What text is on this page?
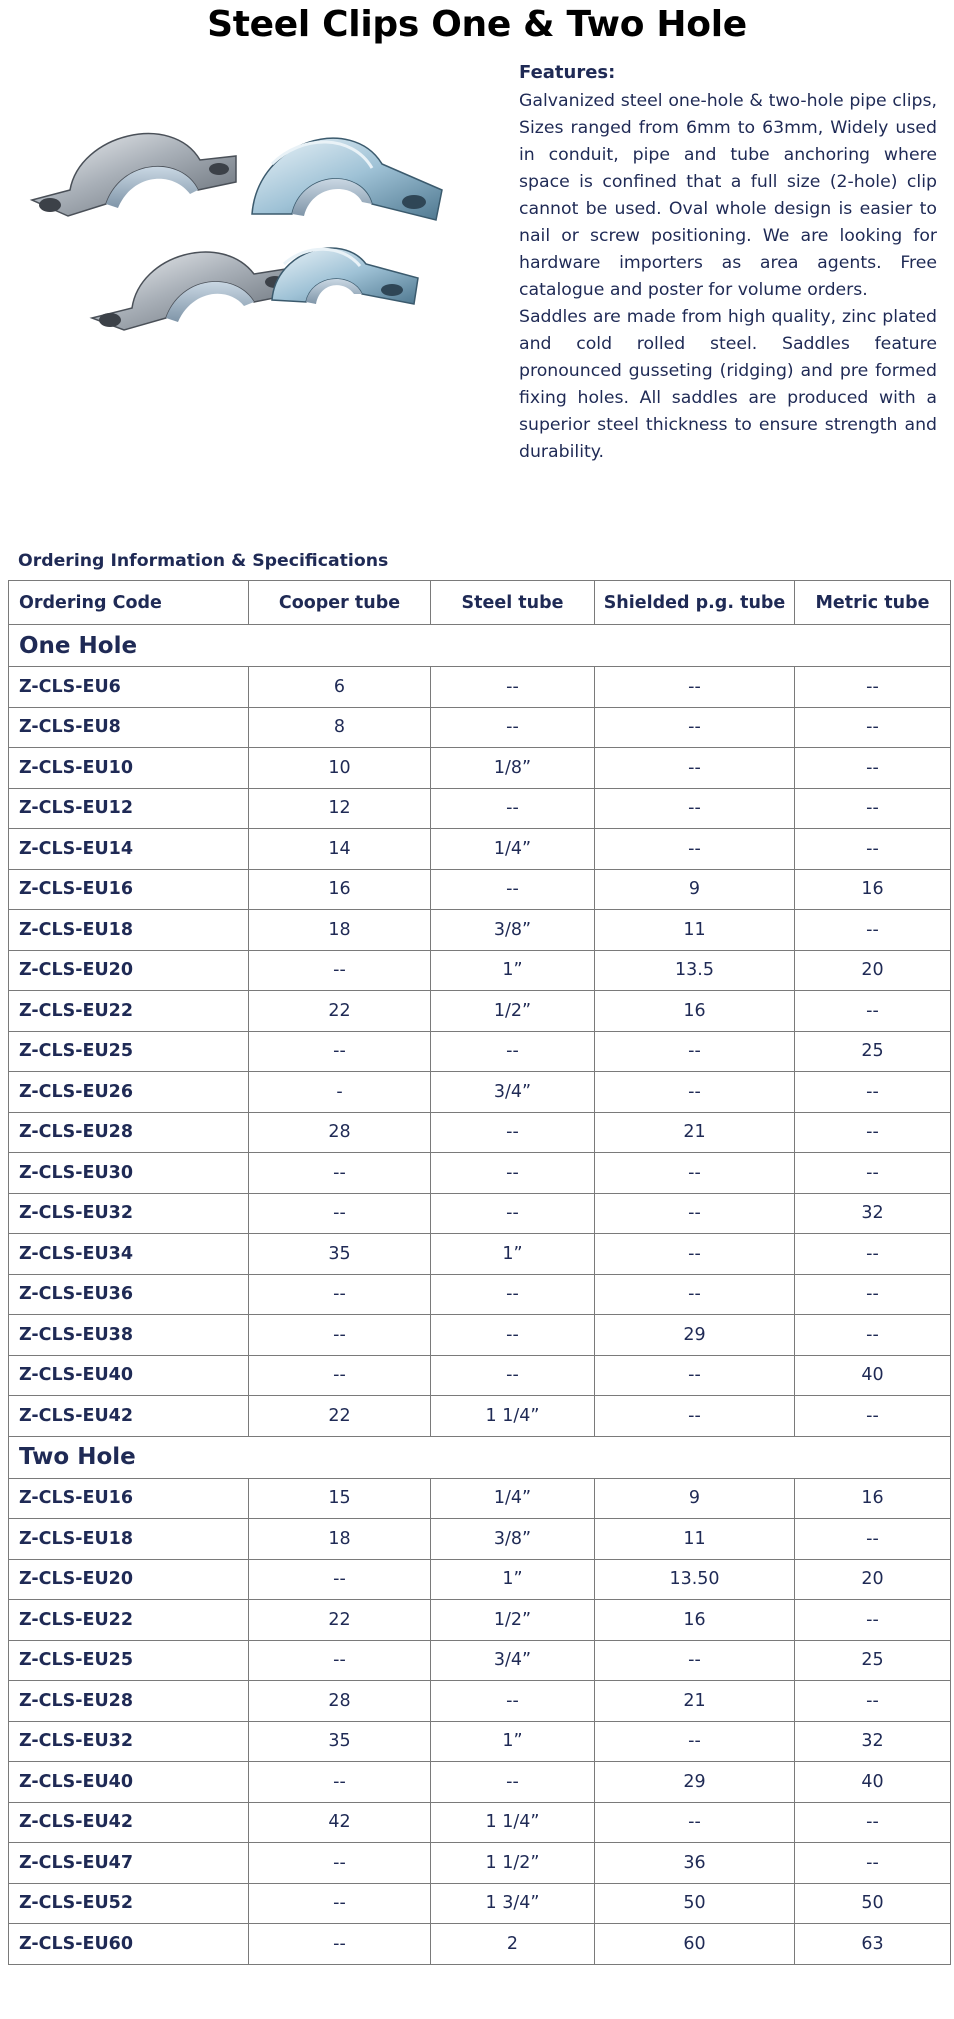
Steel Clips One & Two Hole
Features:

Galvanized steel one-hole & two-hole pipe clips, Sizes ranged from 6mm to 63mm, Widely used in conduit, pipe and tube anchoring where space is confined that a full size (2-hole) clip cannot be used. Oval whole design is easier to nail or screw positioning. We are looking for hardware importers as area agents. Free catalogue and poster for volume orders.

Saddles are made from high quality, zinc plated and cold rolled steel. Saddles feature pronounced gusseting (ridging) and pre formed fixing holes. All saddles are produced with a superior steel thickness to ensure strength and durability.

Ordering Information & Specifications
Ordering Code	Cooper tube	Steel tube	Shielded p.g. tube	Metric tube
One Hole				
Z-CLS-EU6	6	--	--	--
Z-CLS-EU8	8	--	--	--
Z-CLS-EU10	10	1/8”	--	--
Z-CLS-EU12	12	--	--	--
Z-CLS-EU14	14	1/4”	--	--
Z-CLS-EU16	16	--	9	16
Z-CLS-EU18	18	3/8”	11	--
Z-CLS-EU20	--	1”	13.5	20
Z-CLS-EU22	22	1/2”	16	--
Z-CLS-EU25	--	--	--	25
Z-CLS-EU26	-	3/4”	--	--
Z-CLS-EU28	28	--	21	--
Z-CLS-EU30	--	--	--	--
Z-CLS-EU32	--	--	--	32
Z-CLS-EU34	35	1”	--	--
Z-CLS-EU36	--	--	--	--
Z-CLS-EU38	--	--	29	--
Z-CLS-EU40	--	--	--	40
Z-CLS-EU42	22	1 1/4”	--	--
Two Hole				
Z-CLS-EU16	15	1/4”	9	16
Z-CLS-EU18	18	3/8”	11	--
Z-CLS-EU20	--	1”	13.50	20
Z-CLS-EU22	22	1/2”	16	--
Z-CLS-EU25	--	3/4”	--	25
Z-CLS-EU28	28	--	21	--
Z-CLS-EU32	35	1”	--	32
Z-CLS-EU40	--	--	29	40
Z-CLS-EU42	42	1 1/4”	--	--
Z-CLS-EU47	--	1 1/2”	36	--
Z-CLS-EU52	--	1 3/4”	50	50
Z-CLS-EU60	--	2	60	63
